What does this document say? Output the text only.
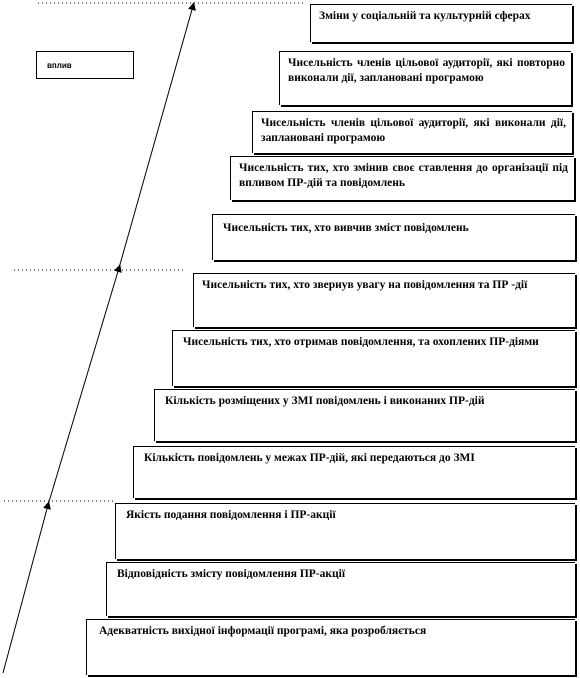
вплив
Зміни у соціальній та культурній сферах
Чисельність членів цільової аудиторії, які повторно виконали дії, заплановані програмою
Чисельність членів цільової аудиторії, які виконали дії, заплановані програмою
Чисельність тих, хто змінив своє ставлення до організації під впливом ПР-дій та повідомлень
Чисельність тих, хто вивчив зміст повідомлень
Чисельність тих, хто звернув увагу на повідомлення та ПР -дії
Чисельність тих, хто отримав повідомлення, та охоплених ПР-діями
Кількість розміщених у ЗМІ повідомлень і виконаних ПР-дій
Кількість повідомлень у межах ПР-дій, які передаються до ЗМІ
Якість подання повідомлення і ПР-акції
Відповідність змісту повідомлення ПР-акції
Адекватність вихідної інформації програмі, яка розробляється
